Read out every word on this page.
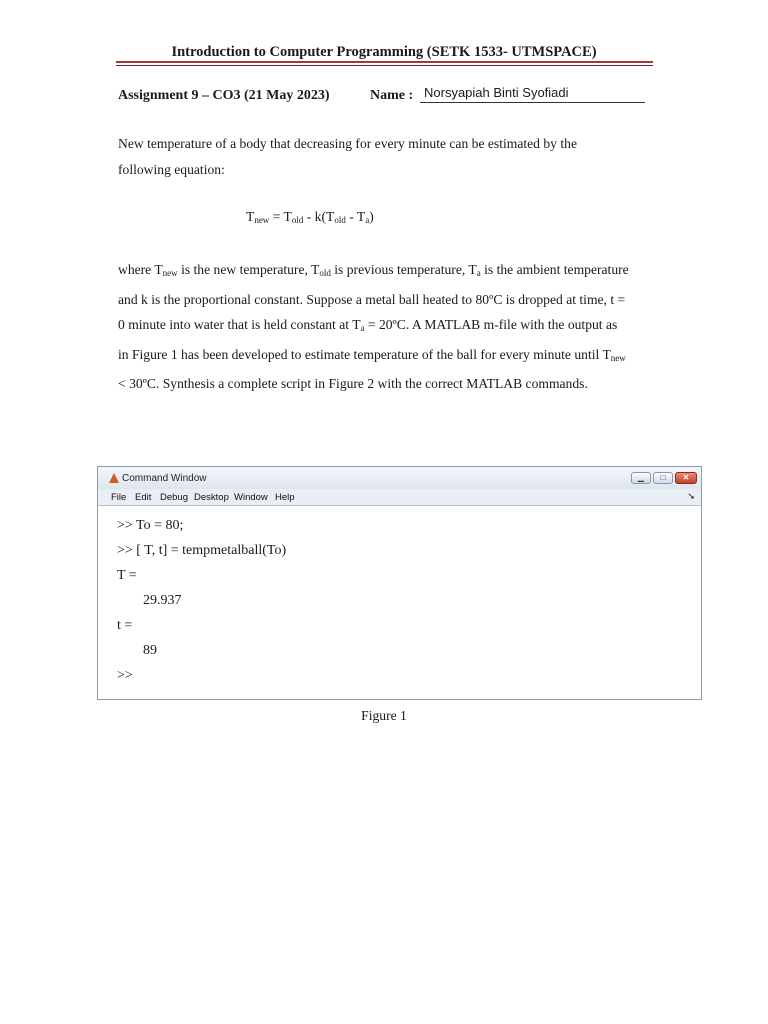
Introduction to Computer Programming (SETK 1533- UTMSPACE)
Assignment 9 – CO3 (21 May 2023)	Name : Norsyapiah Binti Syofiadi
New temperature of a body that decreasing for every minute can be estimated by the
following equation:
$T_{new} = T_{old} - k(T_{old} - T_a)$
where $T_{new}$ is the new temperature, $T_{old}$ is previous temperature, $T_a$ is the ambient temperature
and k is the proportional constant. Suppose a metal ball heated to 80ºC is dropped at time, t =
0 minute into water that is held constant at $T_a$ = 20ºC. A MATLAB m-file with the output as
in Figure 1 has been developed to estimate temperature of the ball for every minute until $T_{new}$
< 30ºC. Synthesis a complete script in Figure 2 with the correct MATLAB commands.
Command Window	▁	□	✕
File Edit Debug Desktop Window Help	➘
>> To = 80;
>> [ T, t] = tempmetalball(To)
T =
29.937
t =
89
>>
Figure 1
